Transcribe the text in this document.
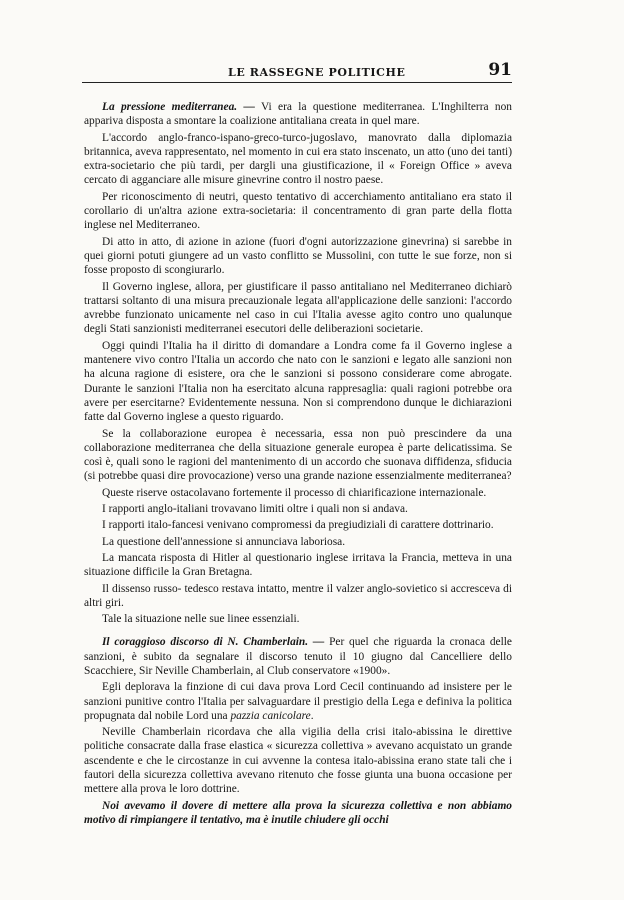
LE RASSEGNE POLITICHE	91

La pressione mediterranea. — Vi era la questione mediterranea. L'Inghilterra non appariva disposta a smontare la coalizione antitaliana creata in quel mare.

L'accordo anglo-franco-ispano-greco-turco-jugoslavo, manovrato dalla diplomazia britannica, aveva rappresentato, nel momento in cui era stato inscenato, un atto (uno dei tanti) extra-societario che più tardi, per dargli una giustificazione, il « Foreign Office » aveva cercato di agganciare alle misure ginevrine contro il nostro paese.

Per riconoscimento di neutri, questo tentativo di accerchiamento antitaliano era stato il corollario di un'altra azione extra-societaria: il concentramento di gran parte della flotta inglese nel Mediterraneo.

Di atto in atto, di azione in azione (fuori d'ogni autorizzazione ginevrina) si sarebbe in quei giorni potuti giungere ad un vasto conflitto se Mussolini, con tutte le sue forze, non si fosse proposto di scongiurarlo.

Il Governo inglese, allora, per giustificare il passo antitaliano nel Mediterraneo dichiarò trattarsi soltanto di una misura precauzionale legata all'applicazione delle sanzioni: l'accordo avrebbe funzionato unicamente nel caso in cui l'Italia avesse agito contro uno qualunque degli Stati sanzionisti mediterranei esecutori delle deliberazioni societarie.

Oggi quindi l'Italia ha il diritto di domandare a Londra come fa il Governo inglese a mantenere vivo contro l'Italia un accordo che nato con le sanzioni e legato alle sanzioni non ha alcuna ragione di esistere, ora che le sanzioni si possono considerare come abrogate. Durante le sanzioni l'Italia non ha esercitato alcuna rappresaglia: quali ragioni potrebbe ora avere per esercitarne? Evidentemente nessuna. Non si comprendono dunque le dichiarazioni fatte dal Governo inglese a questo riguardo.

Se la collaborazione europea è necessaria, essa non può prescindere da una collaborazione mediterranea che della situazione generale europea è parte delicatissima. Se così è, quali sono le ragioni del mantenimento di un accordo che suonava diffidenza, sfiducia (si potrebbe quasi dire provocazione) verso una grande nazione essenzialmente mediterranea?

Queste riserve ostacolavano fortemente il processo di chiarificazione internazionale.

I rapporti anglo-italiani trovavano limiti oltre i quali non si andava.

I rapporti italo-fancesi venivano compromessi da pregiudiziali di carattere dottrinario.

La questione dell'annessione si annunciava laboriosa.

La mancata risposta di Hitler al questionario inglese irritava la Francia, metteva in una situazione difficile la Gran Bretagna.

Il dissenso russo- tedesco restava intatto, mentre il valzer anglo-sovietico si accresceva di altri giri.

Tale la situazione nelle sue linee essenziali.

Il coraggioso discorso di N. Chamberlain. — Per quel che riguarda la cronaca delle sanzioni, è subito da segnalare il discorso tenuto il 10 giugno dal Cancelliere dello Scacchiere, Sir Neville Chamberlain, al Club conservatore «1900».

Egli deplorava la finzione di cui dava prova Lord Cecil continuando ad insistere per le sanzioni punitive contro l'Italia per salvaguardare il prestigio della Lega e definiva la politica propugnata dal nobile Lord una pazzia canicolare.

Neville Chamberlain ricordava che alla vigilia della crisi italo-abissina le direttive politiche consacrate dalla frase elastica « sicurezza collettiva » avevano acquistato un grande ascendente e che le circostanze in cui avvenne la contesa italo-abissina erano state tali che i fautori della sicurezza collettiva avevano ritenuto che fosse giunta una buona occasione per mettere alla prova le loro dottrine.

Noi avevamo il dovere di mettere alla prova la sicurezza collettiva e non abbiamo motivo di rimpiangere il tentativo, ma è inutile chiudere gli occhi
